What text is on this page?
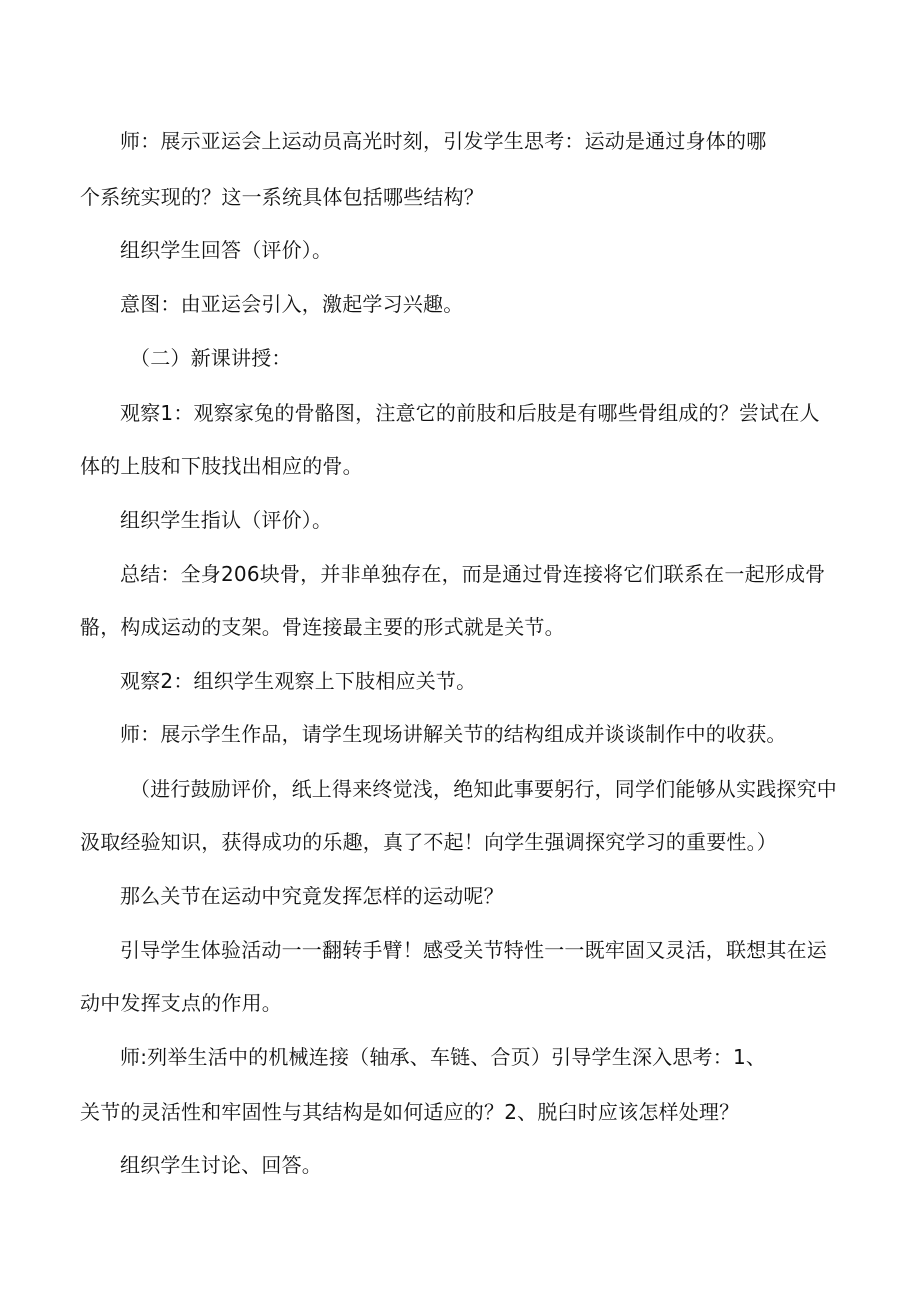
师：展示亚运会上运动员高光时刻，引发学生思考：运动是通过身体的哪
个系统实现的？这一系统具体包括哪些结构？
组织学生回答（评价）。
意图：由亚运会引入，激起学习兴趣。
（二）新课讲授：
观察1：观察家兔的骨骼图，注意它的前肢和后肢是有哪些骨组成的？尝试在人
体的上肢和下肢找出相应的骨。
组织学生指认（评价）。
总结：全身206块骨，并非单独存在，而是通过骨连接将它们联系在一起形成骨
骼，构成运动的支架。骨连接最主要的形式就是关节。
观察2：组织学生观察上下肢相应关节。
师：展示学生作品，请学生现场讲解关节的结构组成并谈谈制作中的收获。
（进行鼓励评价，纸上得来终觉浅，绝知此事要躬行，同学们能够从实践探究中
汲取经验知识，获得成功的乐趣，真了不起！向学生强调探究学习的重要性。）
那么关节在运动中究竟发挥怎样的运动呢？
引导学生体验活动一一翻转手臂！感受关节特性一一既牢固又灵活，联想其在运
动中发挥支点的作用。
师:列举生活中的机械连接（轴承、车链、合页）引导学生深入思考：1、
关节的灵活性和牢固性与其结构是如何适应的？2、脱臼时应该怎样处理？
组织学生讨论、回答。
